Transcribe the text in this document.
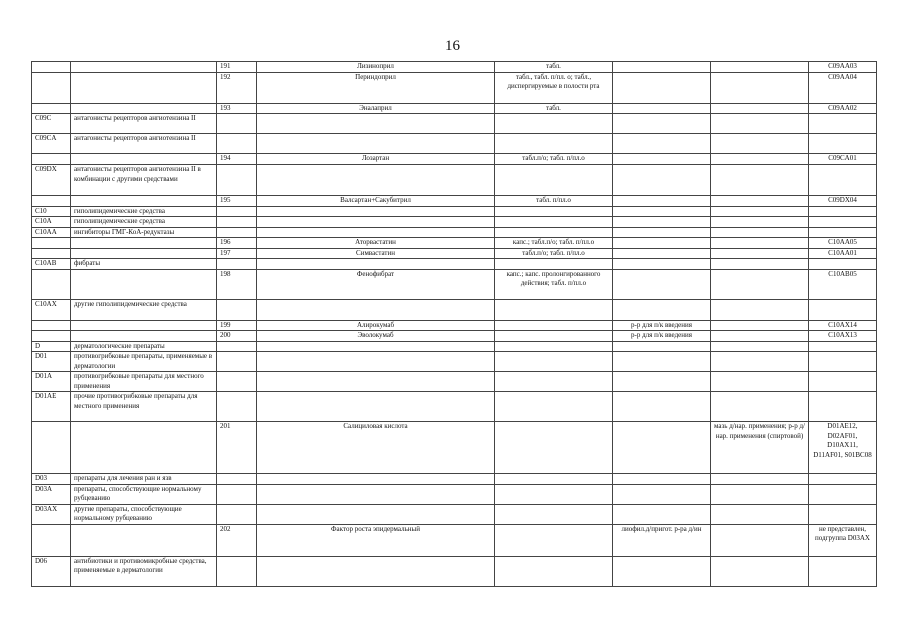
16
		191	Лизиноприл	табл.			C09AA03
		192	Периндоприл	табл., табл. п/пл. о; табл., диспергируемые в полости рта			C09AA04
		193	Эналаприл	табл.			C09AA02
C09C	антагонисты рецепторов ангиотензина II						
C09CA	антагонисты рецепторов ангиотензина II						
		194	Лозартан	табл.п/о; табл. п/пл.о			C09CA01
C09DX	антагонисты рецепторов ангиотензина II в комбинации с другими средствами						
		195	Валсартан+Сакубитрил	табл. п/пл.о			C09DX04
C10	гиполипидемические средства						
C10A	гиполипидемические средства						
C10AA	ингибиторы ГМГ-КоА-редуктазы						
		196	Аторвастатин	капс.; табл.п/о; табл. п/пл.о			C10AA05
		197	Симвастатин	табл.п/о; табл. п/пл.о			C10AA01
C10AB	фибраты						
		198	Фенофибрат	капс.; капс. пролонгированного действия; табл. п/пл.о			C10AB05
C10AX	другие гиполипидемические средства						
		199	Алирокумаб		р-р для п/к введения		C10AX14
		200	Эволокумаб		р-р для п/к введения		C10AX13
D	дерматологические препараты						
D01	противогрибковые препараты, применяемые в дерматологии						
D01A	противогрибковые препараты для местного применения						
D01AE	прочие противогрибковые препараты для местного применения						
		201	Салициловая кислота			мазь д/нар. применения; р-р д/нар. применения (спиртовой)	D01AE12, D02AF01, D10AX11, D11AF01, S01BC08
D03	препараты для лечения ран и язв						
D03A	препараты, способствующие нормальному рубцеванию						
D03AX	другие препараты, способствующие нормальному рубцеванию						
		202	Фактор роста эпидермальный		лиофил.д/пригот. р-ра д/ин		не представлен, подгруппа D03AX
D06	антибиотики и противомикробные средства, применяемые в дерматологии						
